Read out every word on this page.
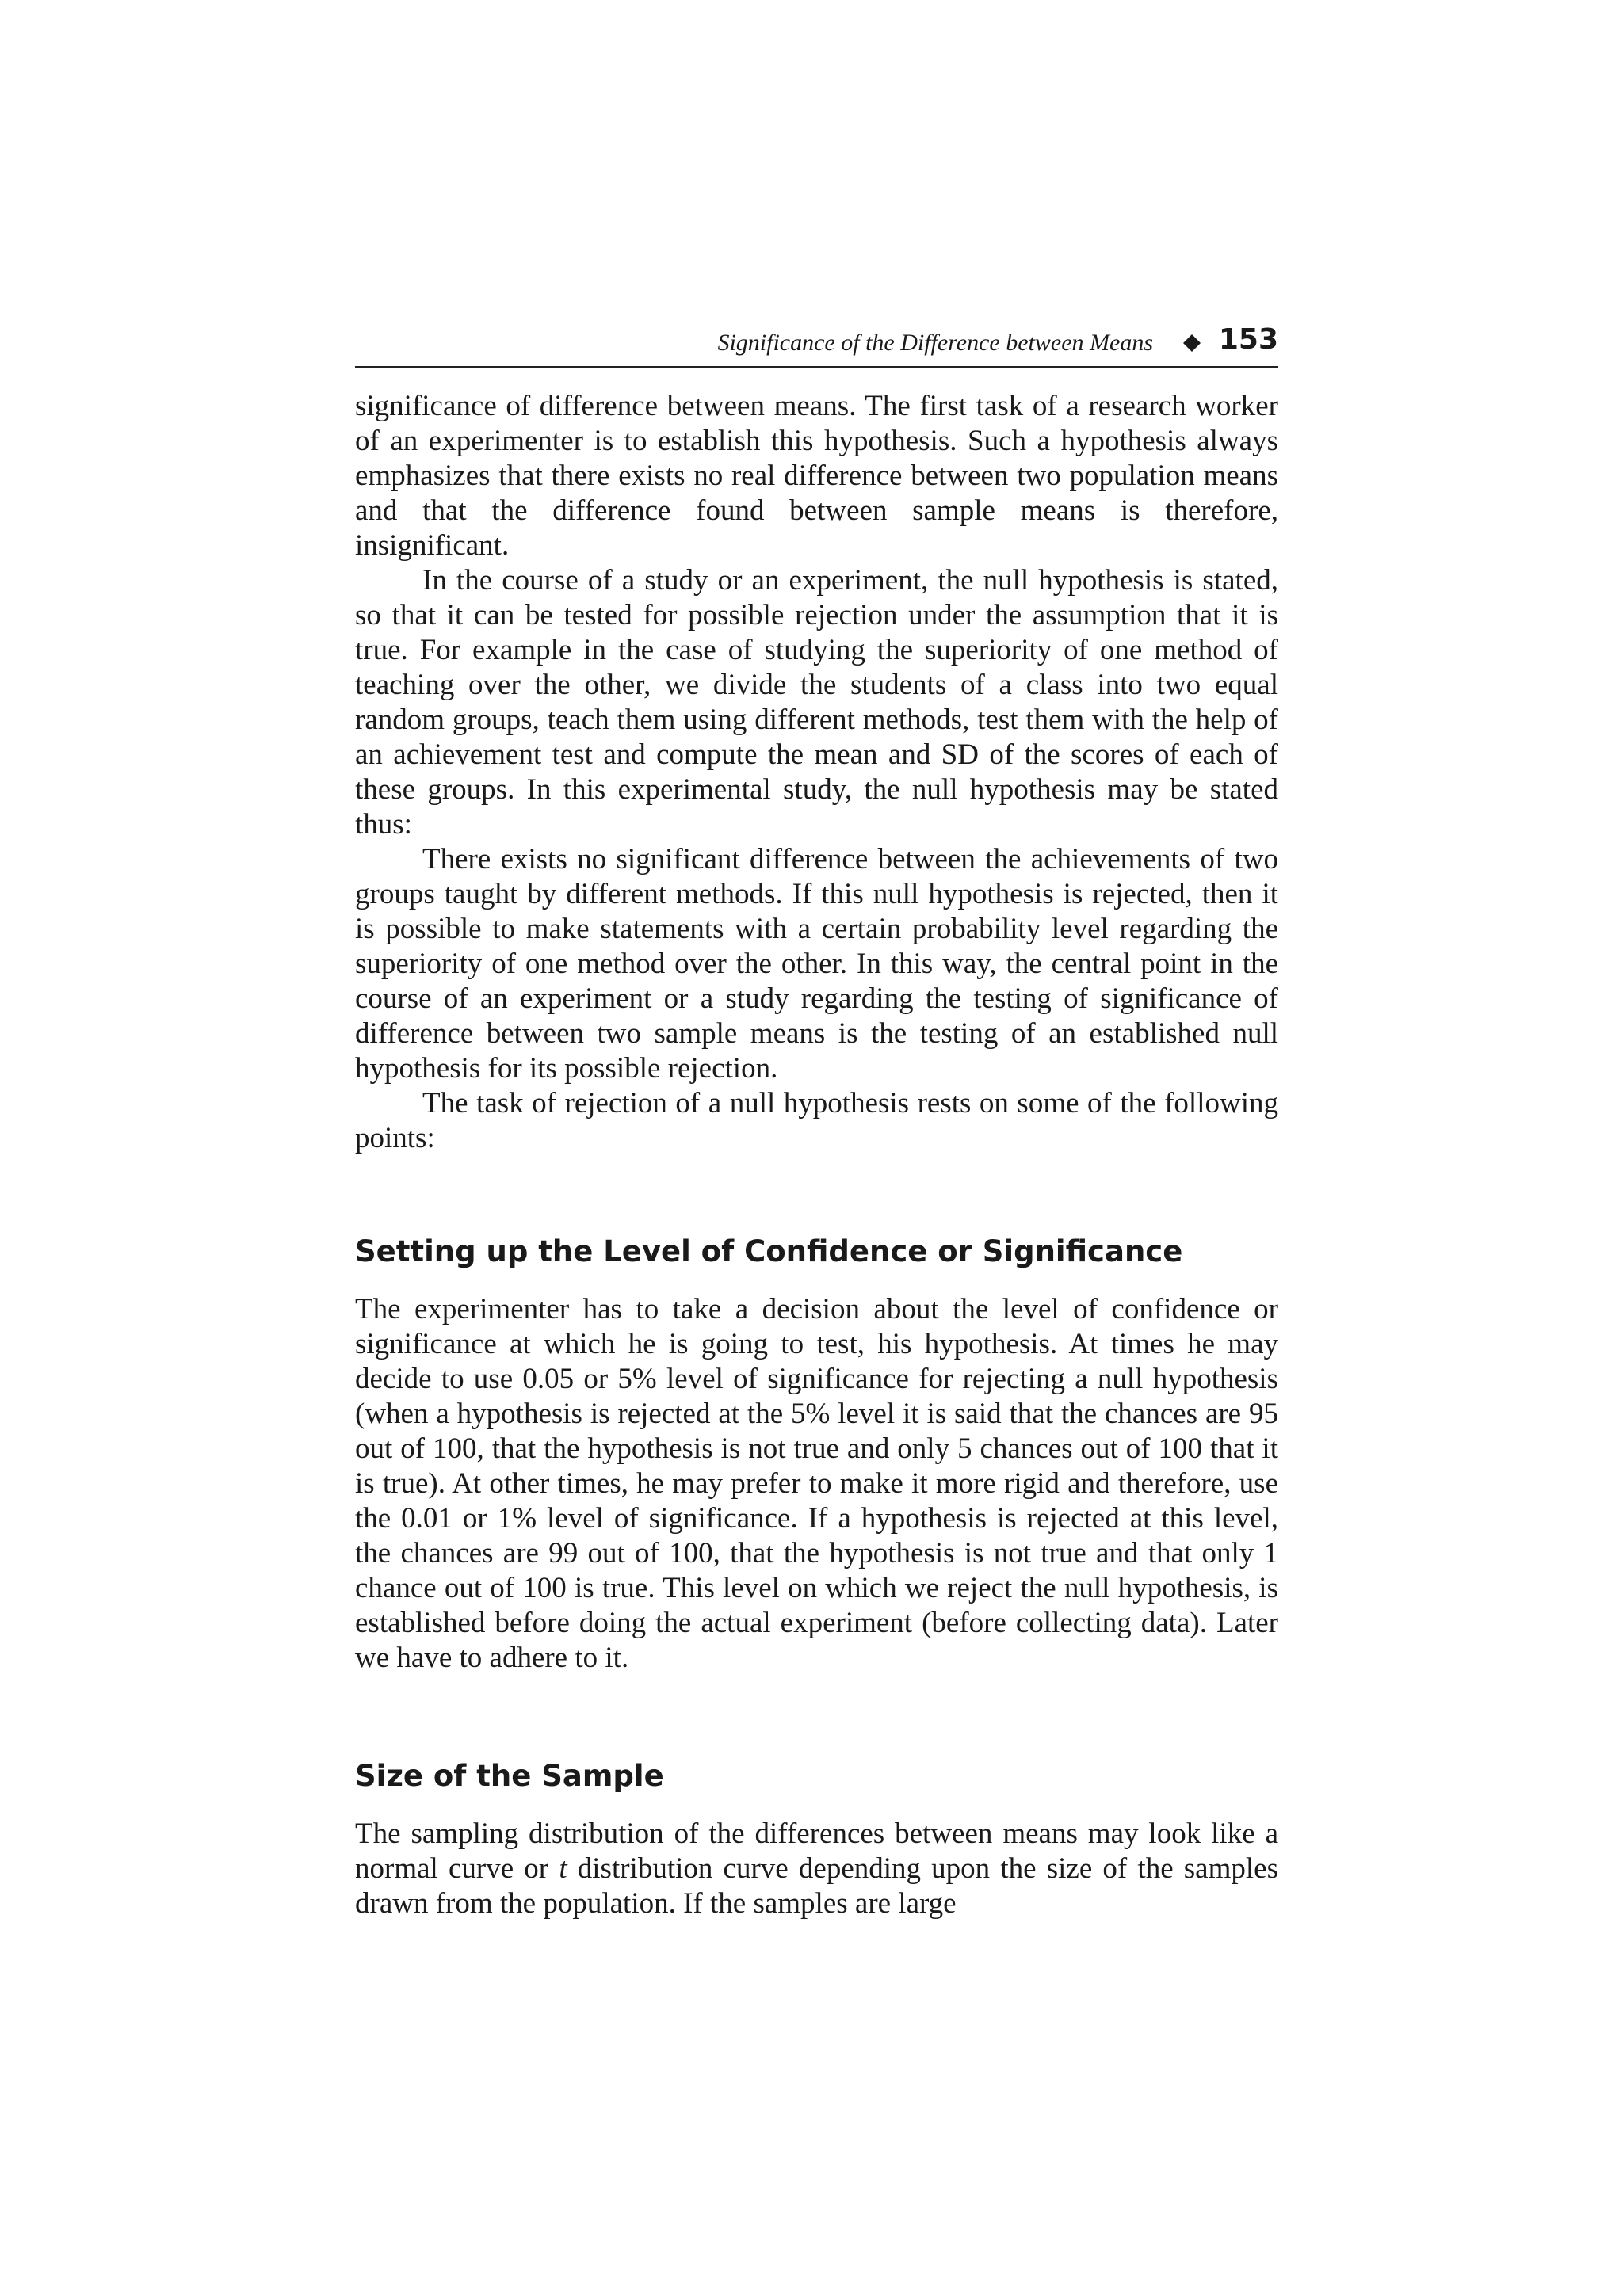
Significance of the Difference between Means 153

significance of difference between means. The first task of a research worker of an experimenter is to establish this hypothesis. Such a hypothesis always emphasizes that there exists no real difference between two population means and that the difference found between sample means is therefore, insignificant.

In the course of a study or an experiment, the null hypothesis is stated, so that it can be tested for possible rejection under the assumption that it is true. For example in the case of studying the superiority of one method of teaching over the other, we divide the students of a class into two equal random groups, teach them using different methods, test them with the help of an achievement test and compute the mean and SD of the scores of each of these groups. In this experimental study, the null hypothesis may be stated thus:

There exists no significant difference between the achievements of two groups taught by different methods. If this null hypothesis is rejected, then it is possible to make statements with a certain probability level regarding the superiority of one method over the other. In this way, the central point in the course of an experiment or a study regarding the testing of significance of difference between two sample means is the testing of an established null hypothesis for its possible rejection.

The task of rejection of a null hypothesis rests on some of the following points:

Setting up the Level of Confidence or Significance

The experimenter has to take a decision about the level of confidence or significance at which he is going to test, his hypothesis. At times he may decide to use 0.05 or 5% level of significance for rejecting a null hypothesis (when a hypothesis is rejected at the 5% level it is said that the chances are 95 out of 100, that the hypothesis is not true and only 5 chances out of 100 that it is true). At other times, he may prefer to make it more rigid and therefore, use the 0.01 or 1% level of significance. If a hypothesis is rejected at this level, the chances are 99 out of 100, that the hypothesis is not true and that only 1 chance out of 100 is true. This level on which we reject the null hypothesis, is established before doing the actual experiment (before collecting data). Later we have to adhere to it.

Size of the Sample

The sampling distribution of the differences between means may look like a normal curve or t distribution curve depending upon the size of the samples drawn from the population. If the samples are large
